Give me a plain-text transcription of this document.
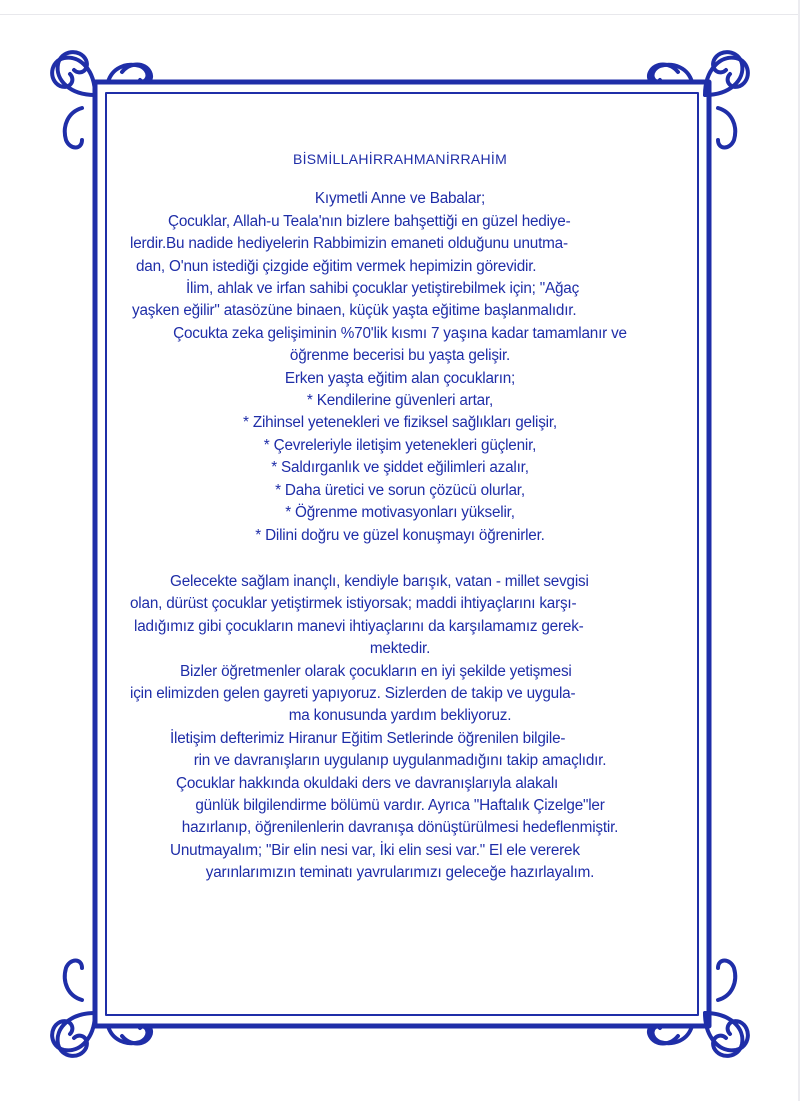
BİSMİLLAHİRRAHMANİRRAHİM
Kıymetli Anne ve Babalar;
Çocuklar, Allah-u Teala'nın bizlere bahşettiği en güzel hediye-
lerdir.Bu nadide hediyelerin Rabbimizin emaneti olduğunu unutma-
dan, O'nun istediği çizgide eğitim vermek hepimizin görevidir.
İlim, ahlak ve irfan sahibi çocuklar yetiştirebilmek için; "Ağaç
yaşken eğilir" atasözüne binaen, küçük yaşta eğitime başlanmalıdır.
Çocukta zeka gelişiminin %70'lik kısmı 7 yaşına kadar tamamlanır ve
öğrenme becerisi bu yaşta gelişir.
Erken yaşta eğitim alan çocukların;
* Kendilerine güvenleri artar,
* Zihinsel yetenekleri ve fiziksel sağlıkları gelişir,
* Çevreleriyle iletişim yetenekleri güçlenir,
* Saldırganlık ve şiddet eğilimleri azalır,
* Daha üretici ve sorun çözücü olurlar,
* Öğrenme motivasyonları yükselir,
* Dilini doğru ve güzel konuşmayı öğrenirler.
Gelecekte sağlam inançlı, kendiyle barışık, vatan - millet sevgisi
olan, dürüst çocuklar yetiştirmek istiyorsak; maddi ihtiyaçlarını karşı-
ladığımız gibi çocukların manevi ihtiyaçlarını da karşılamamız gerek-
mektedir.
Bizler öğretmenler olarak çocukların en iyi şekilde yetişmesi
için elimizden gelen gayreti yapıyoruz. Sizlerden de takip ve uygula-
ma konusunda yardım bekliyoruz.
İletişim defterimiz Hiranur Eğitim Setlerinde öğrenilen bilgile-
rin ve davranışların uygulanıp uygulanmadığını takip amaçlıdır.
Çocuklar hakkında okuldaki ders ve davranışlarıyla alakalı
günlük bilgilendirme bölümü vardır. Ayrıca "Haftalık Çizelge"ler
hazırlanıp, öğrenilenlerin davranışa dönüştürülmesi hedeflenmiştir.
Unutmayalım; "Bir elin nesi var, İki elin sesi var." El ele vererek
yarınlarımızın teminatı yavrularımızı geleceğe hazırlayalım.
